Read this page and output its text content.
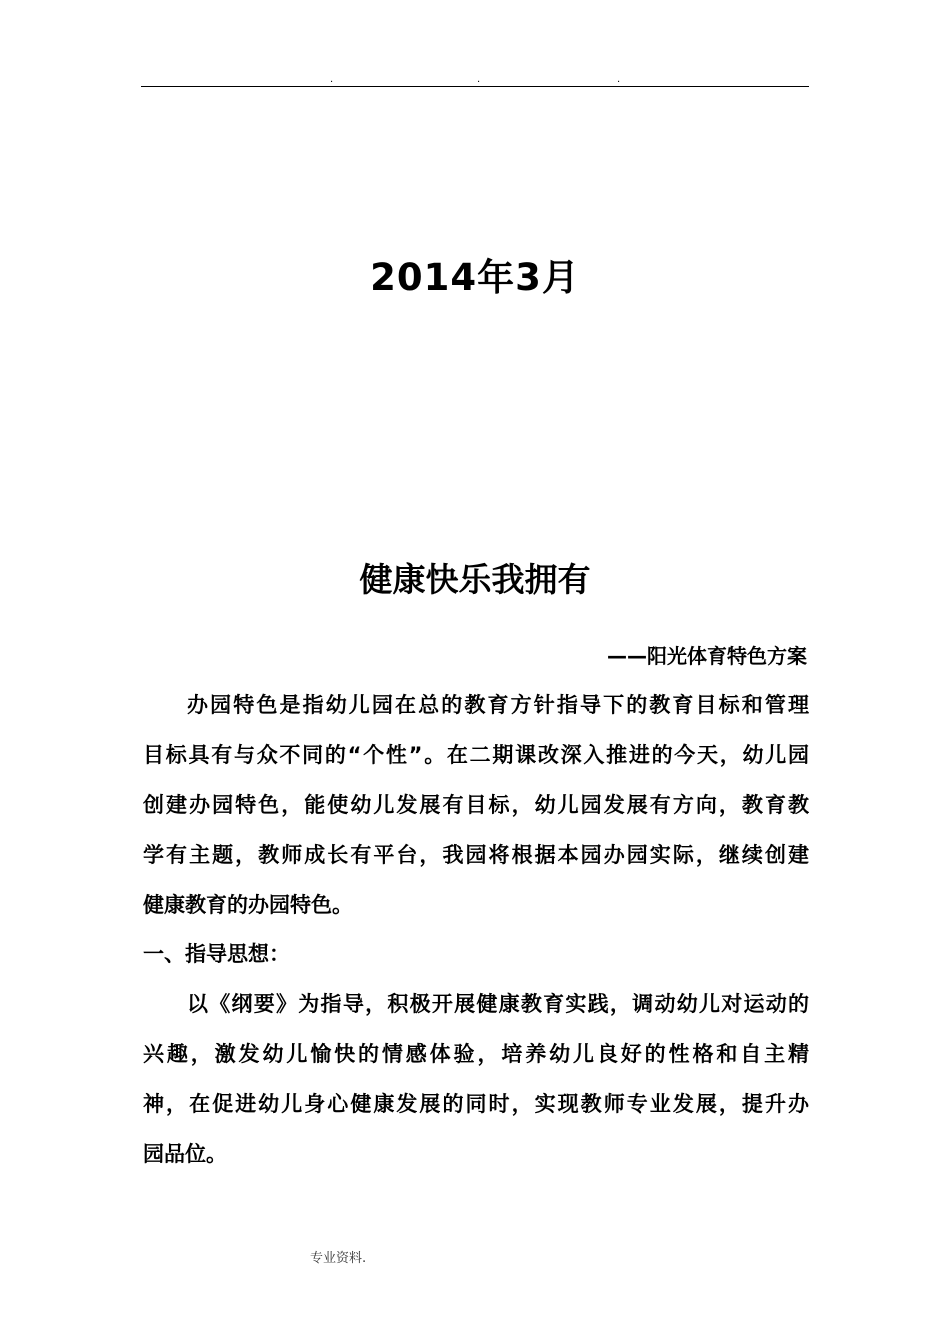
.	.	.
2014年3月
健康快乐我拥有
——阳光体育特色方案
办园特色是指幼儿园在总的教育方针指导下的教育目标和管理
目标具有与众不同的“个性”。在二期课改深入推进的今天，幼儿园
创建办园特色，能使幼儿发展有目标，幼儿园发展有方向，教育教
学有主题，教师成长有平台，我园将根据本园办园实际，继续创建
健康教育的办园特色。
一、指导思想：
以《纲要》为指导，积极开展健康教育实践，调动幼儿对运动的
兴趣，激发幼儿愉快的情感体验，培养幼儿良好的性格和自主精
神，在促进幼儿身心健康发展的同时，实现教师专业发展，提升办
园品位。
专业资料.
